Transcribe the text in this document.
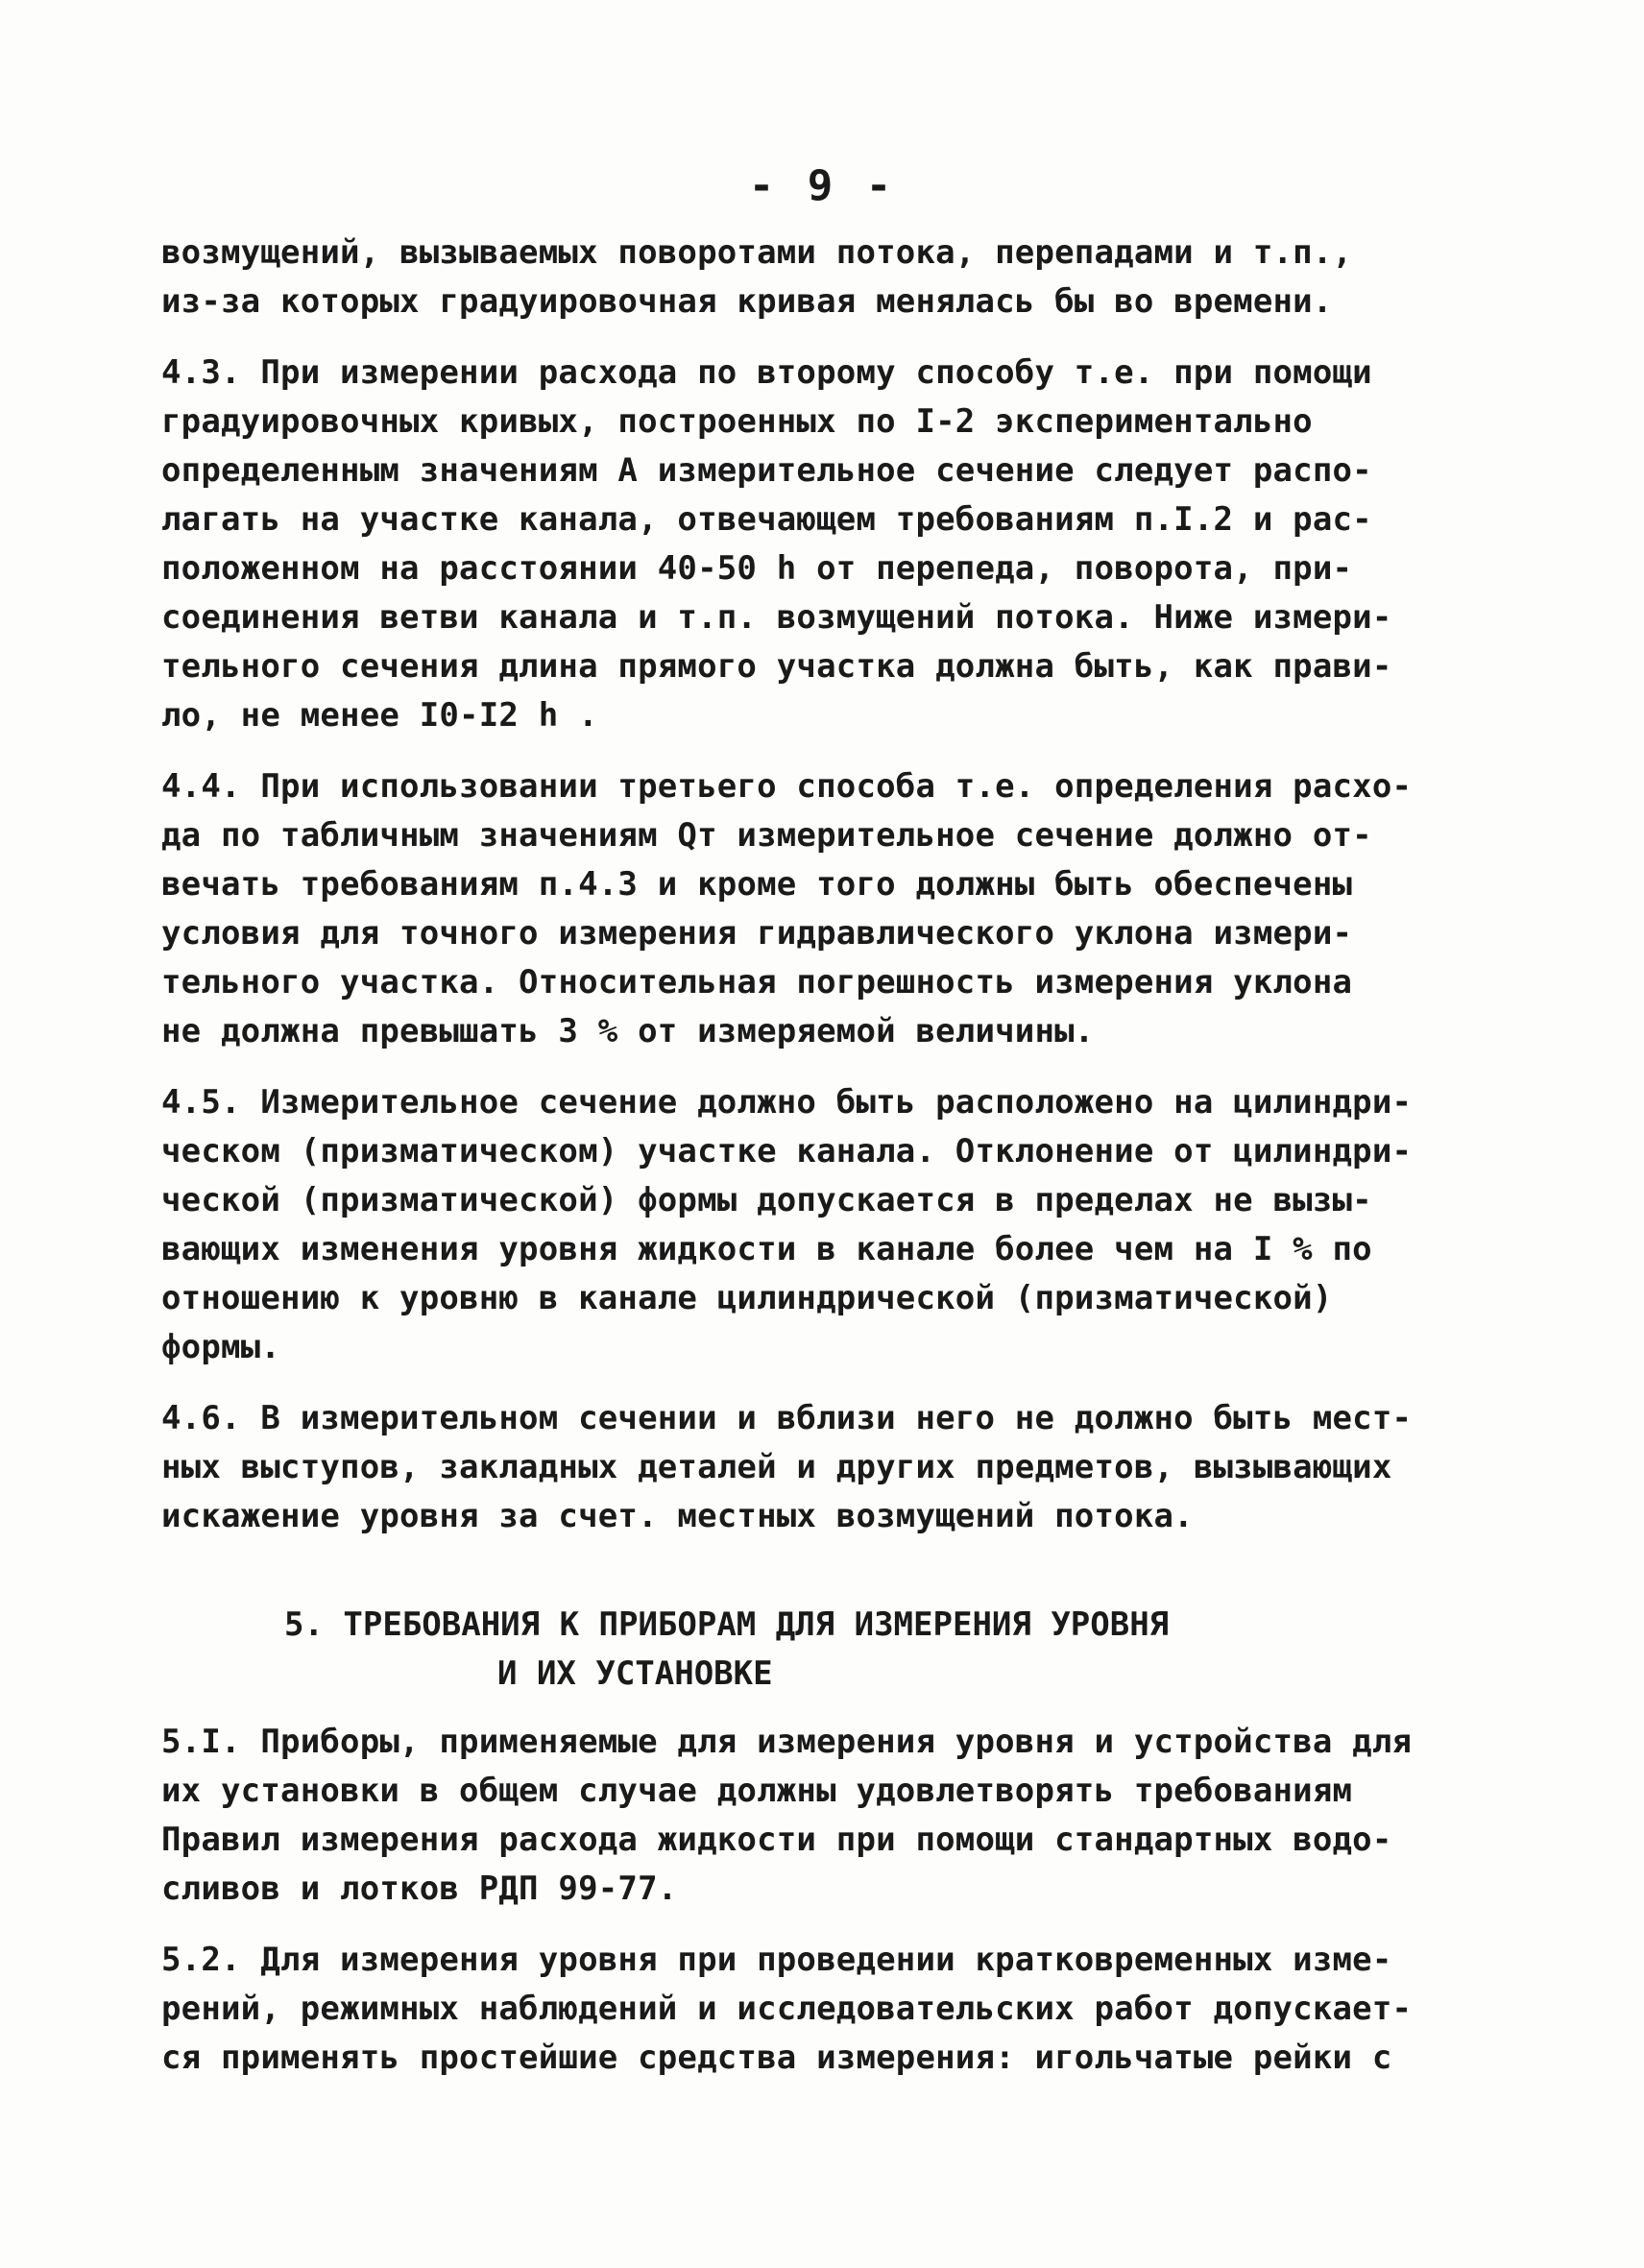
- 9 -
возмущений, вызываемых поворотами потока, перепадами и т.п.,
из-за которых градуировочная кривая менялась бы во времени.
4.3. При измерении расхода по второму способу т.е. при помощи
градуировочных кривых, построенных по I-2 экспериментально
определенным значениям А измерительное сечение следует распо-
лагать на участке канала, отвечающем требованиям п.I.2 и рас-
положенном на расстоянии 40-50 h от перепеда, поворота, при-
соединения ветви канала и т.п. возмущений потока. Ниже измери-
тельного сечения длина прямого участка должна быть, как прави-
ло, не менее I0-I2 h .
4.4. При использовании третьего способа т.е. определения расхо-
да по табличным значениям Qт измерительное сечение должно от-
вечать требованиям п.4.3 и кроме того должны быть обеспечены
условия для точного измерения гидравлического уклона измери-
тельного участка. Относительная погрешность измерения уклона
не должна превышать 3 % от измеряемой величины.
4.5. Измерительное сечение должно быть расположено на цилиндри-
ческом (призматическом) участке канала. Отклонение от цилиндри-
ческой (призматической) формы допускается в пределах не вызы-
вающих изменения уровня жидкости в канале более чем на I % по
отношению к уровню в канале цилиндрической (призматической)
формы.
4.6. В измерительном сечении и вблизи него не должно быть мест-
ных выступов, закладных деталей и других предметов, вызывающих
искажение уровня за счет. местных возмущений потока.
5. ТРЕБОВАНИЯ К ПРИБОРАМ ДЛЯ ИЗМЕРЕНИЯ УРОВНЯ
И ИХ УСТАНОВКЕ
5.I. Приборы, применяемые для измерения уровня и устройства для
их установки в общем случае должны удовлетворять требованиям
Правил измерения расхода жидкости при помощи стандартных водо-
сливов и лотков РДП 99-77.
5.2. Для измерения уровня при проведении кратковременных изме-
рений, режимных наблюдений и исследовательских работ допускает-
ся применять простейшие средства измерения: игольчатые рейки с
